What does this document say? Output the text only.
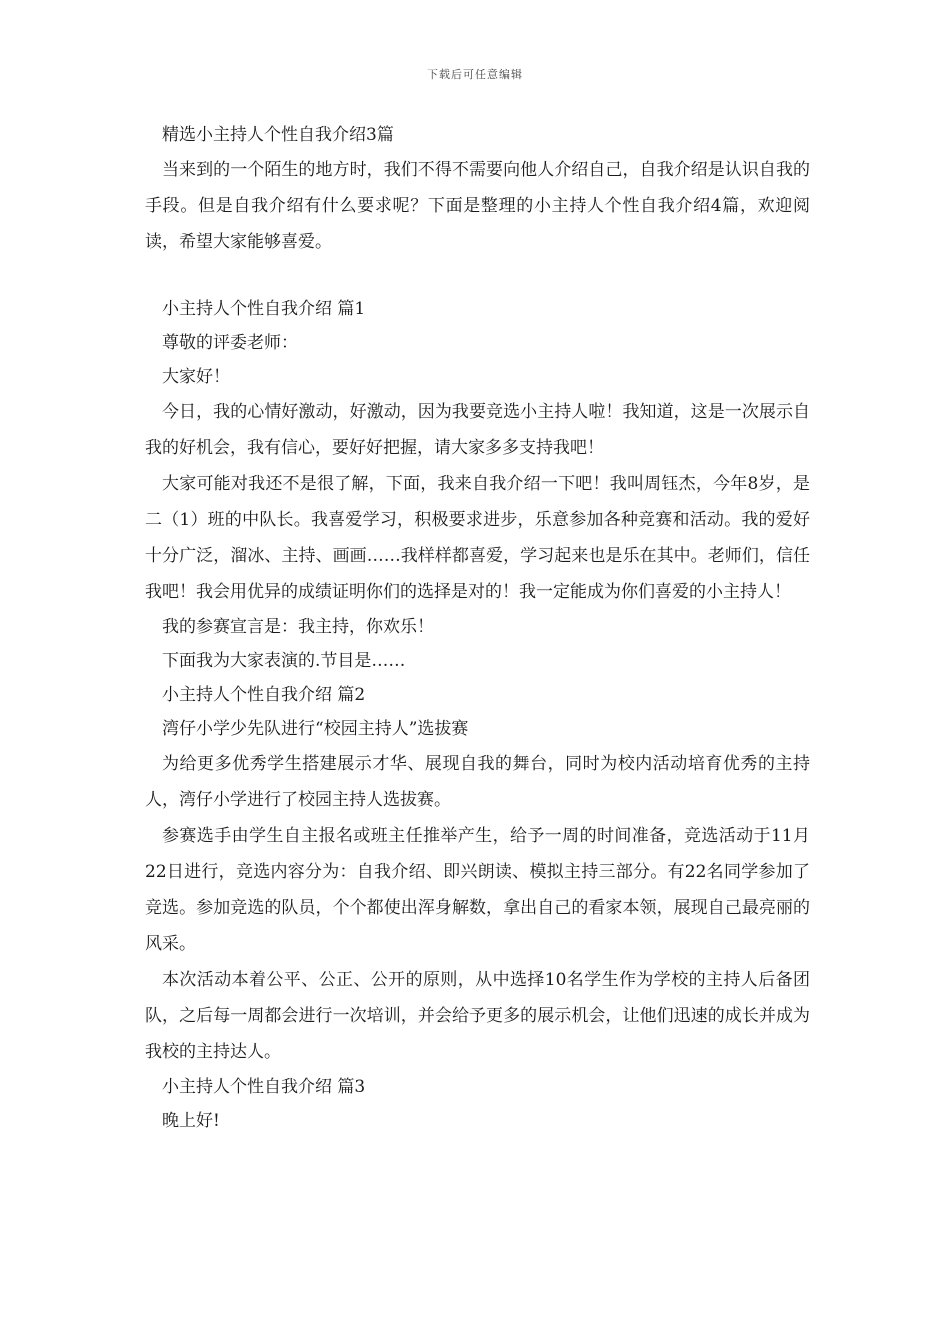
下载后可任意编辑

精选小主持人个性自我介绍3篇

当来到的一个陌生的地方时，我们不得不需要向他人介绍自己，自我介绍是认识自我的手段。但是自我介绍有什么要求呢？下面是整理的小主持人个性自我介绍4篇，欢迎阅读，希望大家能够喜爱。

小主持人个性自我介绍 篇1

尊敬的评委老师：

大家好！

今日，我的心情好激动，好激动，因为我要竞选小主持人啦！我知道，这是一次展示自我的好机会，我有信心，要好好把握，请大家多多支持我吧！

大家可能对我还不是很了解，下面，我来自我介绍一下吧！我叫周钰杰，今年8岁，是二（1）班的中队长。我喜爱学习，积极要求进步，乐意参加各种竞赛和活动。我的爱好十分广泛，溜冰、主持、画画……我样样都喜爱，学习起来也是乐在其中。老师们，信任我吧！我会用优异的成绩证明你们的选择是对的！我一定能成为你们喜爱的小主持人！

我的参赛宣言是：我主持，你欢乐！

下面我为大家表演的.节目是……

小主持人个性自我介绍 篇2

湾仔小学少先队进行“校园主持人”选拔赛

为给更多优秀学生搭建展示才华、展现自我的舞台，同时为校内活动培育优秀的主持人，湾仔小学进行了校园主持人选拔赛。

参赛选手由学生自主报名或班主任推举产生，给予一周的时间准备，竞选活动于11月22日进行，竞选内容分为：自我介绍、即兴朗读、模拟主持三部分。有22名同学参加了竞选。参加竞选的队员，个个都使出浑身解数，拿出自己的看家本领，展现自己最亮丽的风采。

本次活动本着公平、公正、公开的原则，从中选择10名学生作为学校的主持人后备团队，之后每一周都会进行一次培训，并会给予更多的展示机会，让他们迅速的成长并成为我校的主持达人。

小主持人个性自我介绍 篇3

晚上好!
